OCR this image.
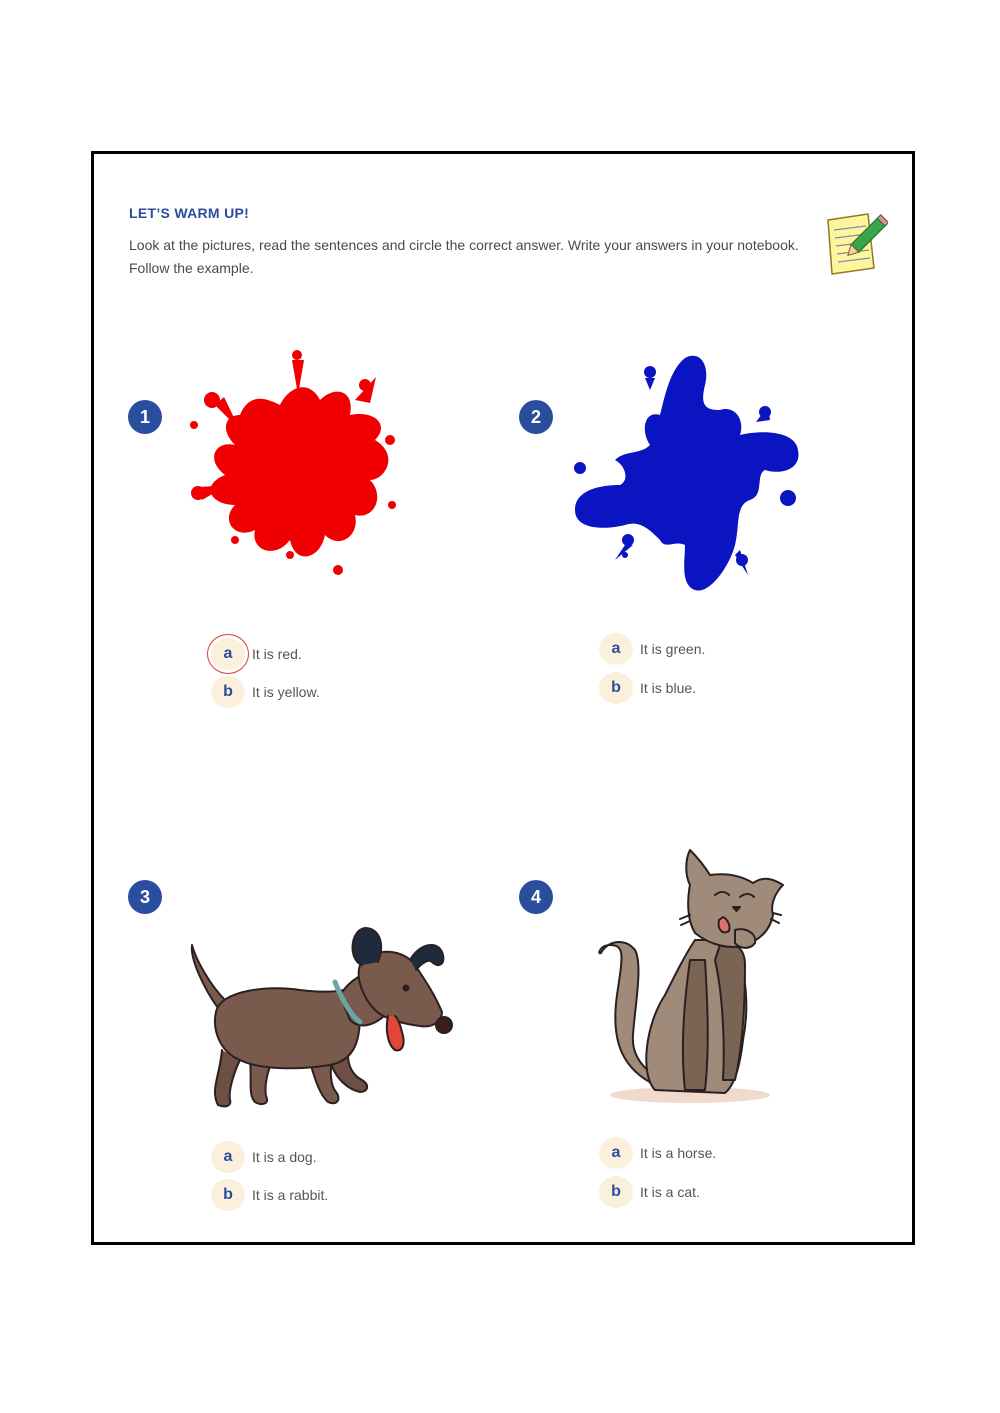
LET’S WARM UP!
Look at the pictures, read the sentences and circle the correct answer. Write your answers in your notebook. Follow the example.
1
a	It is red.
b	It is yellow.
2
a	It is green.
b	It is blue.
3
a	It is a dog.
b	It is a rabbit.
4
a	It is a horse.
b	It is a cat.
